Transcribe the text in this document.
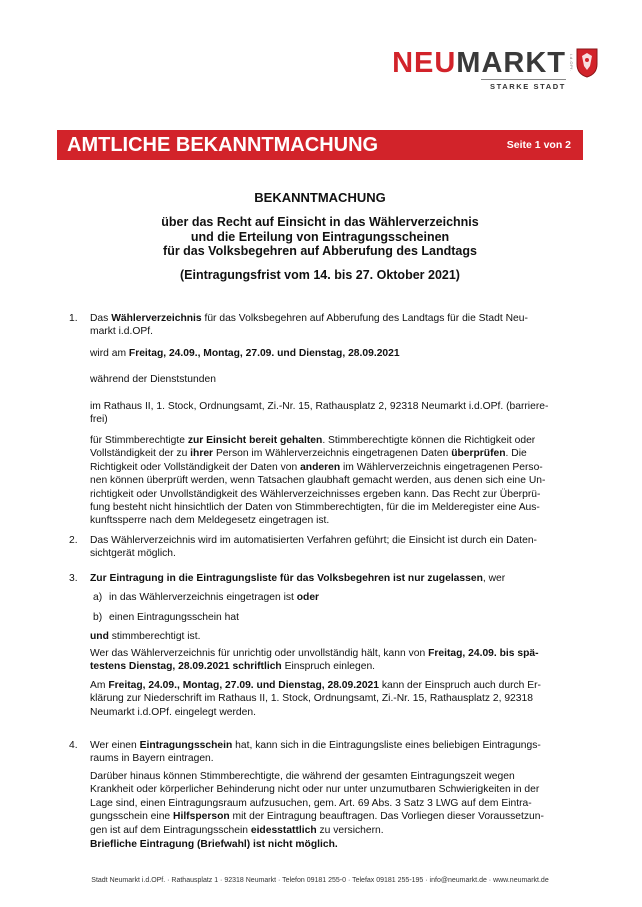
NEUMARKT i.d.OPf.
STARKE STADT
AMTLICHE BEKANNTMACHUNG	Seite 1 von 2
BEKANNTMACHUNG
über das Recht auf Einsicht in das Wählerverzeichnis
und die Erteilung von Eintragungsscheinen
für das Volksbegehren auf Abberufung des Landtags
(Eintragungsfrist vom 14. bis 27. Oktober 2021)
1. Das Wählerverzeichnis für das Volksbegehren auf Abberufung des Landtags für die Stadt Neu-
markt i.d.OPf.
wird am Freitag, 24.09., Montag, 27.09. und Dienstag, 28.09.2021
während der Dienststunden
im Rathaus II, 1. Stock, Ordnungsamt, Zi.-Nr. 15, Rathausplatz 2, 92318 Neumarkt i.d.OPf. (barriere-
frei)
für Stimmberechtigte zur Einsicht bereit gehalten. Stimmberechtigte können die Richtigkeit oder
Vollständigkeit der zu ihrer Person im Wählerverzeichnis eingetragenen Daten überprüfen. Die
Richtigkeit oder Vollständigkeit der Daten von anderen im Wählerverzeichnis eingetragenen Perso-
nen können überprüft werden, wenn Tatsachen glaubhaft gemacht werden, aus denen sich eine Un-
richtigkeit oder Unvollständigkeit des Wählerverzeichnisses ergeben kann. Das Recht zur Überprü-
fung besteht nicht hinsichtlich der Daten von Stimmberechtigten, für die im Melderegister eine Aus-
kunftssperre nach dem Meldegesetz eingetragen ist.
2. Das Wählerverzeichnis wird im automatisierten Verfahren geführt; die Einsicht ist durch ein Daten-
sichtgerät möglich.
3. Zur Eintragung in die Eintragungsliste für das Volksbegehren ist nur zugelassen, wer
a) in das Wählerverzeichnis eingetragen ist oder
b) einen Eintragungsschein hat
und stimmberechtigt ist.
Wer das Wählerverzeichnis für unrichtig oder unvollständig hält, kann von Freitag, 24.09. bis spä-
testens Dienstag, 28.09.2021 schriftlich Einspruch einlegen.
Am Freitag, 24.09., Montag, 27.09. und Dienstag, 28.09.2021 kann der Einspruch auch durch Er-
klärung zur Niederschrift im Rathaus II, 1. Stock, Ordnungsamt, Zi.-Nr. 15, Rathausplatz 2, 92318
Neumarkt i.d.OPf. eingelegt werden.
4. Wer einen Eintragungsschein hat, kann sich in die Eintragungsliste eines beliebigen Eintragungs-
raums in Bayern eintragen.
Darüber hinaus können Stimmberechtigte, die während der gesamten Eintragungszeit wegen
Krankheit oder körperlicher Behinderung nicht oder nur unter unzumutbaren Schwierigkeiten in der
Lage sind, einen Eintragungsraum aufzusuchen, gem. Art. 69 Abs. 3 Satz 3 LWG auf dem Eintra-
gungsschein eine Hilfsperson mit der Eintragung beauftragen. Das Vorliegen dieser Voraussetzun-
gen ist auf dem Eintragungsschein eidesstattlich zu versichern.
Briefliche Eintragung (Briefwahl) ist nicht möglich.
Stadt Neumarkt i.d.OPf. · Rathausplatz 1 · 92318 Neumarkt · Telefon 09181 255-0 · Telefax 09181 255-195 · info@neumarkt.de · www.neumarkt.de
